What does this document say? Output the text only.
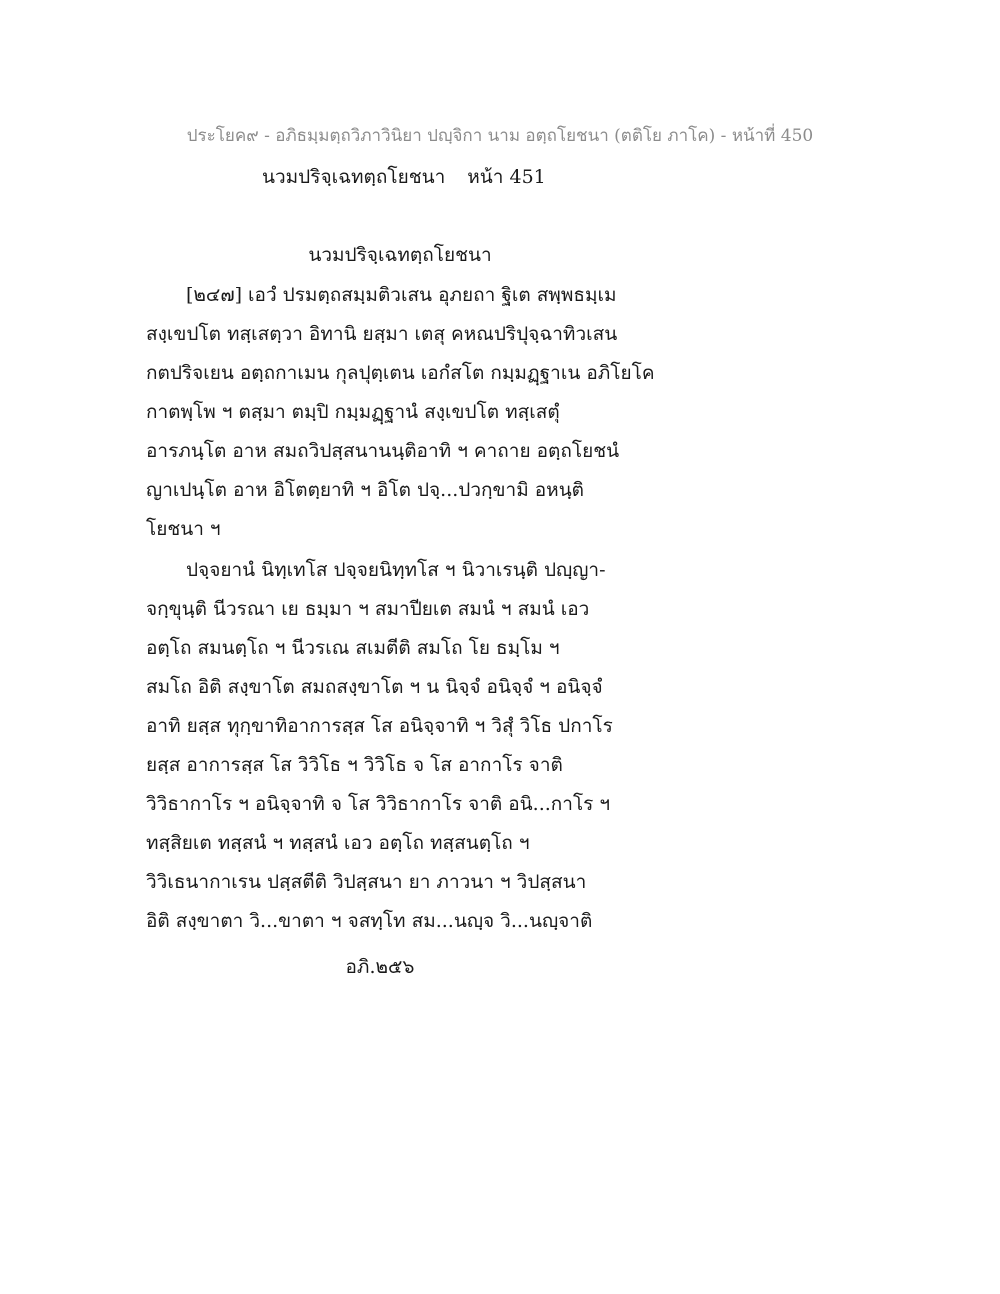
ประโยค๙ - อภิธมฺมตฺถวิภาวินิยา ปญฺจิกา นาม อตฺถโยชนา (ตติโย ภาโค) - หน้าที่ 450
นวมปริจฺเฉทตฺถโยชนา หน้า 451
นวมปริจฺเฉทตฺถโยชนา
[๒๔๗] เอวํ ปรมตฺถสมฺมติวเสน อุภยถา ฐิเต สพฺพธมฺเม
สงฺเขปโต ทสฺเสตฺวา อิทานิ ยสฺมา เตสุ คหณปริปุจฺฉาทิวเสน
กตปริจเยน อตฺถกาเมน กุลปุตฺเตน เอกํสโต กมฺมฏฺฐาเน อภิโยโค
กาตพฺโพ ฯ ตสฺมา ตมฺปิ กมฺมฏฺฐานํ สงฺเขปโต ทสฺเสตุํ
อารภนฺโต อาห สมถวิปสฺสนานนฺติอาทิ ฯ คาถาย อตฺถโยชนํ
ญาเปนฺโต อาห อิโตตฺยาทิ ฯ อิโต ปจฺ...ปวกฺขามิ อหนฺติ
โยชนา ฯ
ปจฺจยานํ นิทฺเทโส ปจฺจยนิทฺทโส ฯ นิวาเรนฺติ ปญฺญา-
จกฺขุนฺติ นีวรณา เย ธมฺมา ฯ สมาปียเต สมนํ ฯ สมนํ เอว
อตฺโถ สมนตฺโถ ฯ นีวรเณ สเมตีติ สมโถ โย ธมฺโม ฯ
สมโถ อิติ สงฺขาโต สมถสงฺขาโต ฯ น นิจฺจํ อนิจฺจํ ฯ อนิจฺจํ
อาทิ ยสฺส ทุกฺขาทิอาการสฺส โส อนิจฺจาทิ ฯ วิสุํ วิโธ ปกาโร
ยสฺส อาการสฺส โส วิวิโธ ฯ วิวิโธ จ โส อากาโร จาติ
วิวิธากาโร ฯ อนิจฺจาทิ จ โส วิวิธากาโร จาติ อนิ...กาโร ฯ
ทสฺสิยเต ทสฺสนํ ฯ ทสฺสนํ เอว อตฺโถ ทสฺสนตฺโถ ฯ
วิวิเธนากาเรน ปสฺสตีติ วิปสฺสนา ยา ภาวนา ฯ วิปสฺสนา
อิติ สงฺขาตา วิ...ขาตา ฯ จสทฺโท สม...นญฺจ วิ...นญฺจาติ
อภิ.๒๕๖
